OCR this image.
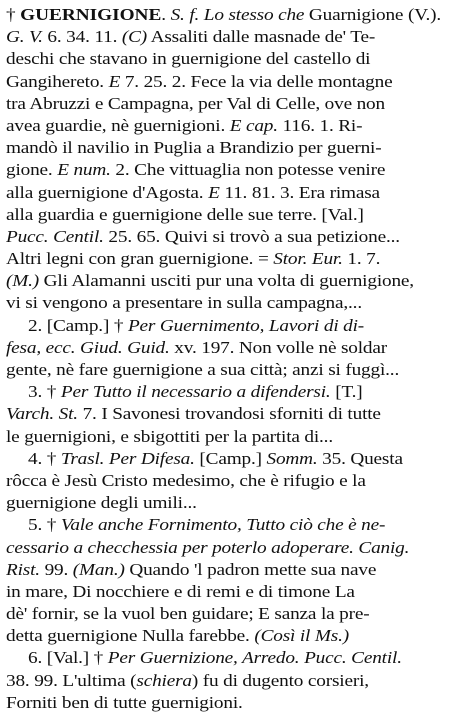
† GUERNIGIONE. S. f. Lo stesso che Guarnigione (V.).
G. V. 6. 34. 11. (C) Assaliti dalle masnade de' Te-
deschi che stavano in guernigione del castello di
Gangihereto. E 7. 25. 2. Fece la via delle montagne
tra Abruzzi e Campagna, per Val di Celle, ove non
avea guardie, nè guernigioni. E cap. 116. 1. Ri-
mandò il navilio in Puglia a Brandizio per guerni-
gione. E num. 2. Che vittuaglia non potesse venire
alla guernigione d'Agosta. E 11. 81. 3. Era rimasa
alla guardia e guernigione delle sue terre. [Val.]
Pucc. Centil. 25. 65. Quivi si trovò a sua petizione...
Altri legni con gran guernigione. = Stor. Eur. 1. 7.
(M.) Gli Alamanni usciti pur una volta di guernigione,
vi si vengono a presentare in sulla campagna,...
2. [Camp.] † Per Guernimento, Lavori di di-
fesa, ecc. Giud. Guid. xv. 197. Non volle nè soldar
gente, nè fare guernigione a sua città; anzi si fuggì...
3. † Per Tutto il necessario a difendersi. [T.]
Varch. St. 7. I Savonesi trovandosi sforniti di tutte
le guernigioni, e sbigottiti per la partita di...
4. † Trasl. Per Difesa. [Camp.] Somm. 35. Questa
rôcca è Jesù Cristo medesimo, che è rifugio e la
guernigione degli umili...
5. † Vale anche Fornimento, Tutto ciò che è ne-
cessario a checchessia per poterlo adoperare. Canig.
Rist. 99. (Man.) Quando 'l padron mette sua nave
in mare, Di nocchiere e di remi e di timone La
dè' fornir, se la vuol ben guidare; E sanza la pre-
detta guernigione Nulla farebbe. (Così il Ms.)
6. [Val.] † Per Guernizione, Arredo. Pucc. Centil.
38. 99. L'ultima (schiera) fu di dugento corsieri,
Forniti ben di tutte guernigioni.
